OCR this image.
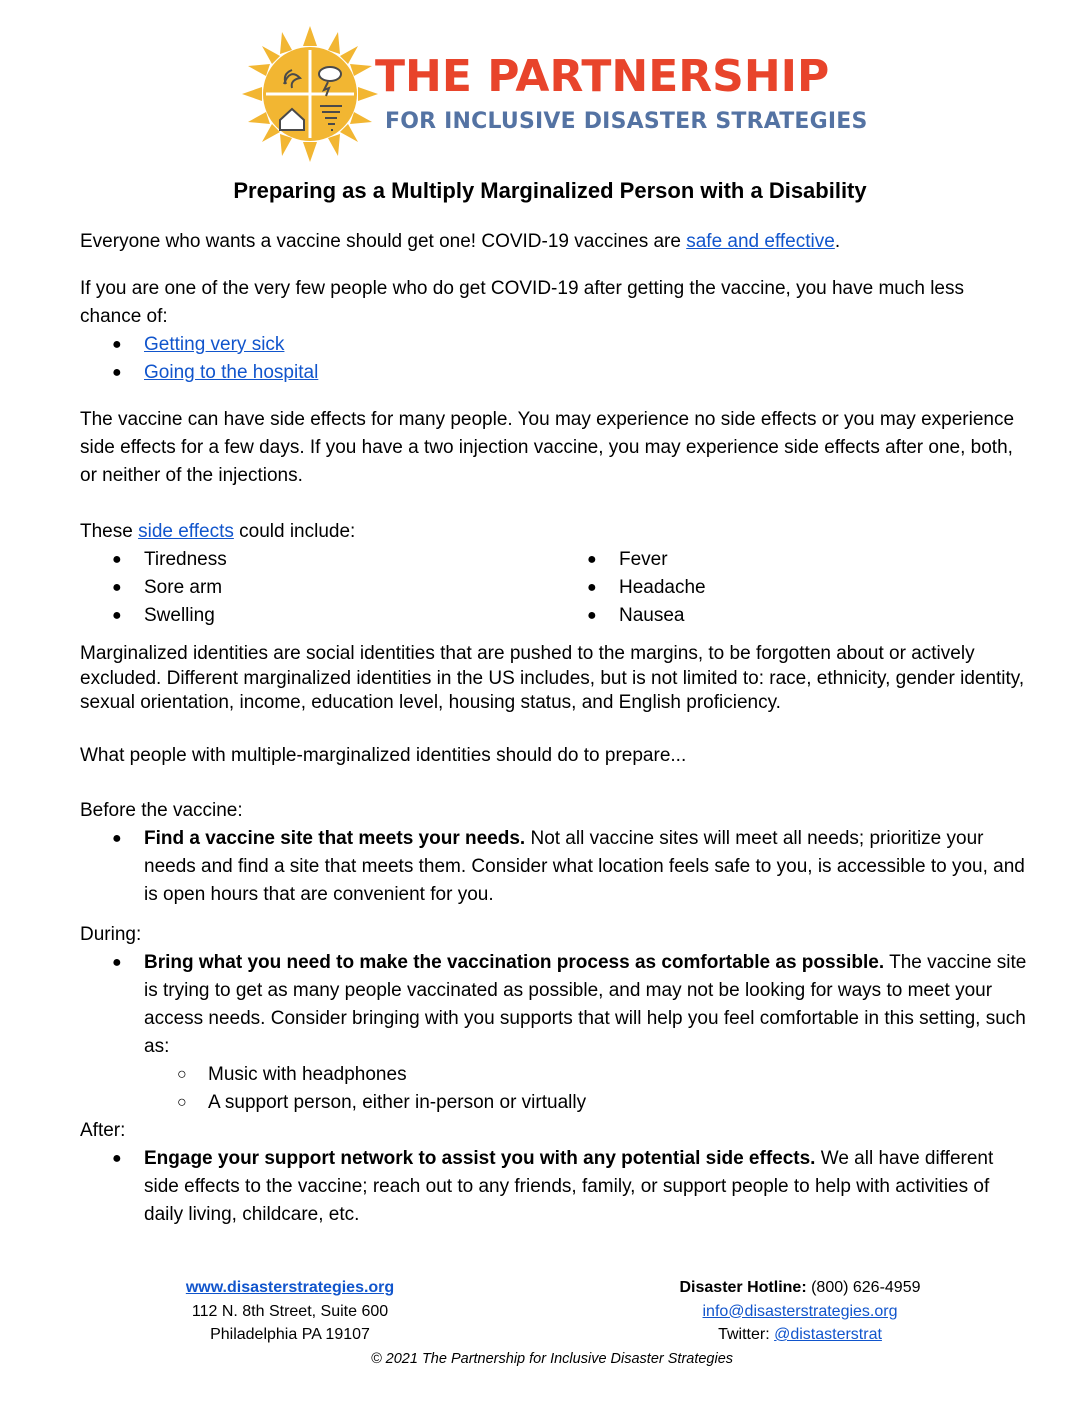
THE PARTNERSHIP
FOR INCLUSIVE DISASTER STRATEGIES
Preparing as a Multiply Marginalized Person with a Disability

Everyone who wants a vaccine should get one! COVID-19 vaccines are safe and effective.

If you are one of the very few people who do get COVID-19 after getting the vaccine, you have much less chance of:

● Getting very sick
● Going to the hospital

The vaccine can have side effects for many people. You may experience no side effects or you may experience side effects for a few days. If you have a two injection vaccine, you may experience side effects after one, both, or neither of the injections.

These side effects could include:

● Tiredness
● Sore arm
● Swelling
● Fever
● Headache
● Nausea

Marginalized identities are social identities that are pushed to the margins, to be forgotten about or actively excluded. Different marginalized identities in the US includes, but is not limited to: race, ethnicity, gender identity, sexual orientation, income, education level, housing status, and English proficiency.

What people with multiple-marginalized identities should do to prepare...

Before the vaccine:

● Find a vaccine site that meets your needs. Not all vaccine sites will meet all needs; prioritize your needs and find a site that meets them. Consider what location feels safe to you, is accessible to you, and is open hours that are convenient for you.

During:

● Bring what you need to make the vaccination process as comfortable as possible. The vaccine site is trying to get as many people vaccinated as possible, and may not be looking for ways to meet your access needs. Consider bringing with you supports that will help you feel comfortable in this setting, such as:
○ Music with headphones
○ A support person, either in-person or virtually

After:

● Engage your support network to assist you with any potential side effects. We all have different side effects to the vaccine; reach out to any friends, family, or support people to help with activities of daily living, childcare, etc.
www.disasterstrategies.org
112 N. 8th Street, Suite 600
Philadelphia PA 19107
Disaster Hotline: (800) 626-4959
info@disasterstrategies.org
Twitter: @distasterstrat
© 2021 The Partnership for Inclusive Disaster Strategies
